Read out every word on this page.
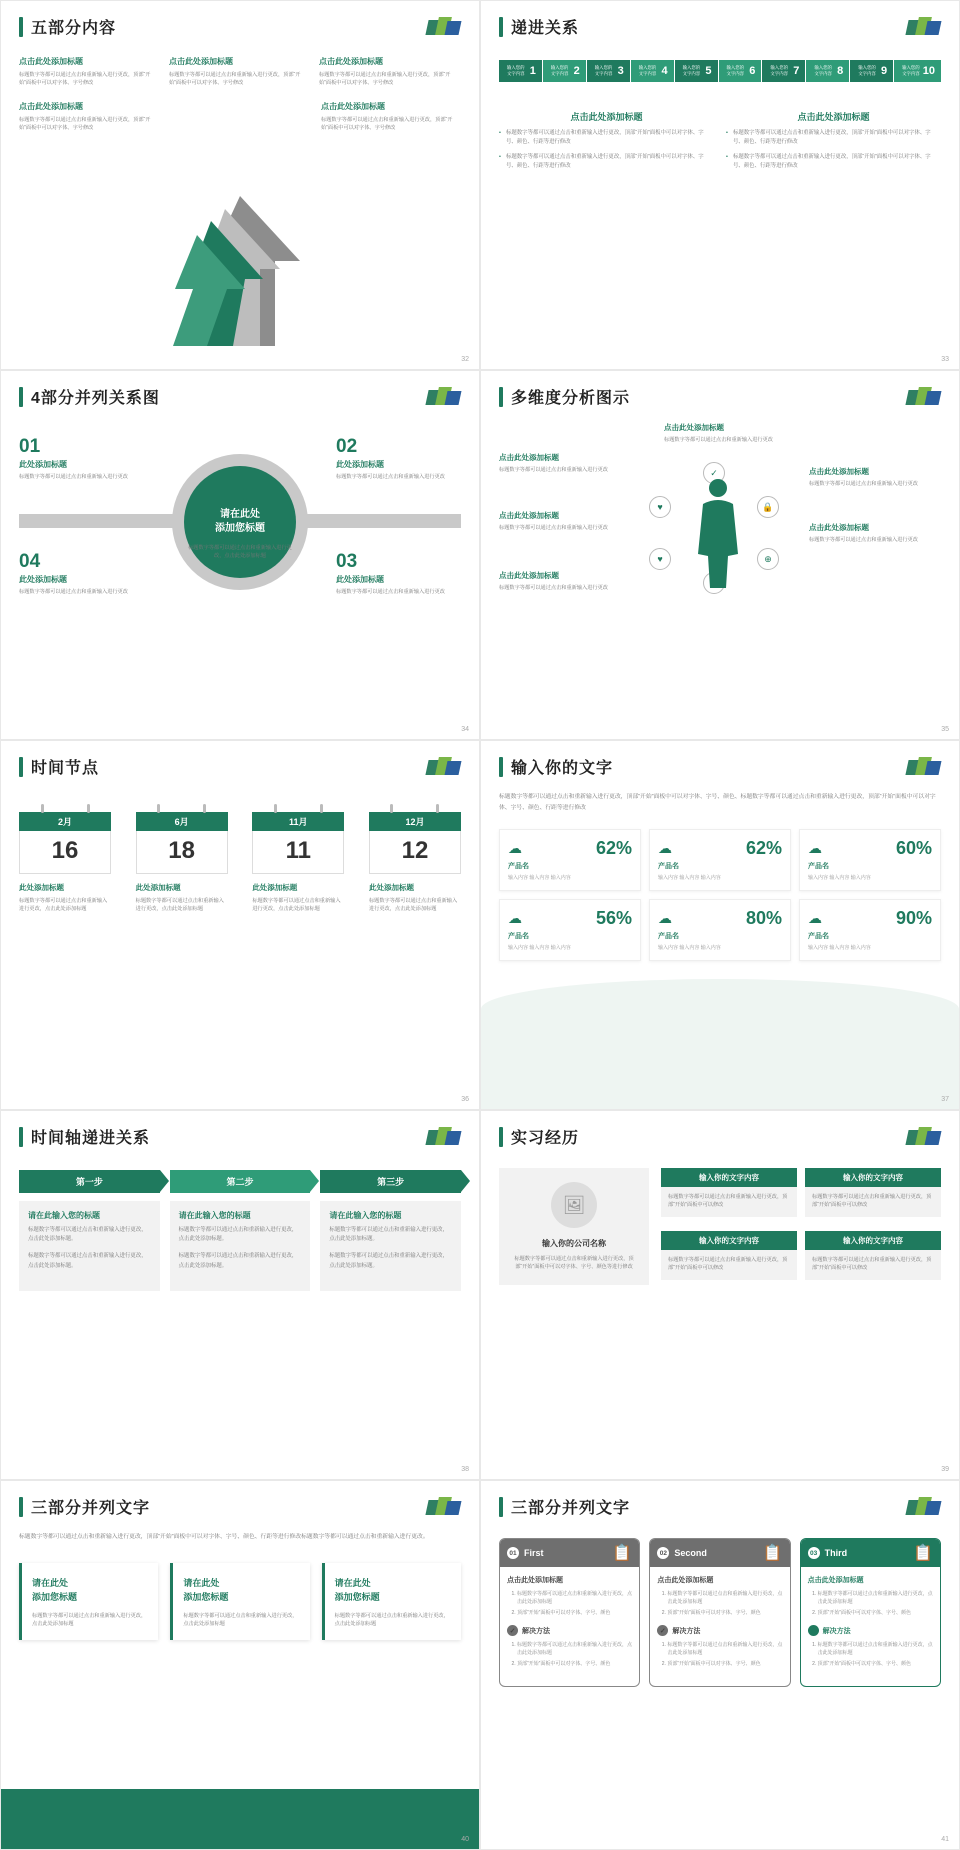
五部分内容
点击此处添加标题
标题数字等都可以通过点击和重新输入进行更改，顶部“开始”面板中可以对字体、字号修改
点击此处添加标题
标题数字等都可以通过点击和重新输入进行更改，顶部“开始”面板中可以对字体、字号修改
点击此处添加标题
标题数字等都可以通过点击和重新输入进行更改，顶部“开始”面板中可以对字体、字号修改
点击此处添加标题
标题数字等都可以通过点击和重新输入进行更改，顶部“开始”面板中可以对字体、字号修改
点击此处添加标题
标题数字等都可以通过点击和重新输入进行更改，顶部“开始”面板中可以对字体、字号修改
32
递进关系
输入您的文字内容 1	输入您的文字内容 2	输入您的文字内容 3	输入您的文字内容 4	输入您的文字内容 5	输入您的文字内容 6	输入您的文字内容 7	输入您的文字内容 8	输入您的文字内容 9	输入您的文字内容 10
点击此处添加标题
• 标题数字等都可以通过点击和重新输入进行更改，顶部“开始”面板中可以对字体、字号、颜色、行距等进行修改
• 标题数字等都可以通过点击和重新输入进行更改，顶部“开始”面板中可以对字体、字号、颜色、行距等进行修改
点击此处添加标题
• 标题数字等都可以通过点击和重新输入进行更改，顶部“开始”面板中可以对字体、字号、颜色、行距等进行修改
• 标题数字等都可以通过点击和重新输入进行更改，顶部“开始”面板中可以对字体、字号、颜色、行距等进行修改
33
4部分并列关系图
请在此处
添加您标题
01
此处添加标题
标题数字等都可以通过点击和重新输入进行更改
02
此处添加标题
标题数字等都可以通过点击和重新输入进行更改
03
此处添加标题
标题数字等都可以通过点击和重新输入进行更改
04
此处添加标题
标题数字等都可以通过点击和重新输入进行更改
标题数字等都可以通过点击和重新输入进行更改，点击此处添加标题
34
多维度分析图示
点击此处添加标题
标题数字等都可以通过点击和重新输入进行更改
点击此处添加标题
标题数字等都可以通过点击和重新输入进行更改	点击此处添加标题
标题数字等都可以通过点击和重新输入进行更改
点击此处添加标题
标题数字等都可以通过点击和重新输入进行更改	点击此处添加标题
标题数字等都可以通过点击和重新输入进行更改
点击此处添加标题
标题数字等都可以通过点击和重新输入进行更改
♥
✓
🔒
⊕
♥
35
时间节点
2月
16
此处添加标题
标题数字等都可以通过点击和重新输入进行更改，点击此处添加标题
6月
18
此处添加标题
标题数字等都可以通过点击和重新输入进行更改，点击此处添加标题
11月
11
此处添加标题
标题数字等都可以通过点击和重新输入进行更改，点击此处添加标题
12月
12
此处添加标题
标题数字等都可以通过点击和重新输入进行更改，点击此处添加标题
36
输入你的文字
标题数字等都可以通过点击和重新输入进行更改，顶部“开始”面板中可以对字体、字号、颜色、标题数字等都可以通过点击和重新输入进行更改，顶部“开始”面板中可以对字体、字号、颜色、行距等进行修改
☁	62%
产品名
输入内容 输入内容 输入内容
☁	62%
产品名
输入内容 输入内容 输入内容
☁	60%
产品名
输入内容 输入内容 输入内容
☁	56%
产品名
输入内容 输入内容 输入内容
☁	80%
产品名
输入内容 输入内容 输入内容
☁	90%
产品名
输入内容 输入内容 输入内容
37
时间轴递进关系
第一步
请在此输入您的标题

标题数字等都可以通过点击和重新输入进行更改，点击此处添加标题。

标题数字等都可以通过点击和重新输入进行更改，点击此处添加标题。

第二步
请在此输入您的标题

标题数字等都可以通过点击和重新输入进行更改，点击此处添加标题。

标题数字等都可以通过点击和重新输入进行更改，点击此处添加标题。

第三步
请在此输入您的标题

标题数字等都可以通过点击和重新输入进行更改，点击此处添加标题。

标题数字等都可以通过点击和重新输入进行更改，点击此处添加标题。

38
实习经历
🖼
输入你的公司名称
标题数字等都可以通过点击和重新输入进行更改，顶部“开始”面板中可以对字体、字号、颜色等进行修改
输入你的文字内容
标题数字等都可以通过点击和重新输入进行更改，顶部“开始”面板中可以修改
输入你的文字内容
标题数字等都可以通过点击和重新输入进行更改，顶部“开始”面板中可以修改
输入你的文字内容
标题数字等都可以通过点击和重新输入进行更改，顶部“开始”面板中可以修改
输入你的文字内容
标题数字等都可以通过点击和重新输入进行更改，顶部“开始”面板中可以修改
39
三部分并列文字
标题数字等都可以通过点击和重新输入进行更改，顶部“开始”面板中可以对字体、字号、颜色、行距等进行修改标题数字等都可以通过点击和重新输入进行更改。
请在此处
添加您标题
标题数字等都可以通过点击和重新输入进行更改，点击此处添加标题
请在此处
添加您标题
标题数字等都可以通过点击和重新输入进行更改，点击此处添加标题
请在此处
添加您标题
标题数字等都可以通过点击和重新输入进行更改，点击此处添加标题
40
三部分并列文字
01 First	📋
点击此处添加标题
1. 标题数字等都可以通过点击和重新输入进行更改，点击此处添加标题
2. 顶部“开始”面板中可以对字体、字号、颜色
✓ 解决方法
1. 标题数字等都可以通过点击和重新输入进行更改，点击此处添加标题
2. 顶部“开始”面板中可以对字体、字号、颜色
02 Second	📋
点击此处添加标题
1. 标题数字等都可以通过点击和重新输入进行更改，点击此处添加标题
2. 顶部“开始”面板中可以对字体、字号、颜色
✓ 解决方法
1. 标题数字等都可以通过点击和重新输入进行更改，点击此处添加标题
2. 顶部“开始”面板中可以对字体、字号、颜色
03 Third	📋
点击此处添加标题
1. 标题数字等都可以通过点击和重新输入进行更改，点击此处添加标题
2. 顶部“开始”面板中可以对字体、字号、颜色
✓ 解决方法
1. 标题数字等都可以通过点击和重新输入进行更改，点击此处添加标题
2. 顶部“开始”面板中可以对字体、字号、颜色
41
